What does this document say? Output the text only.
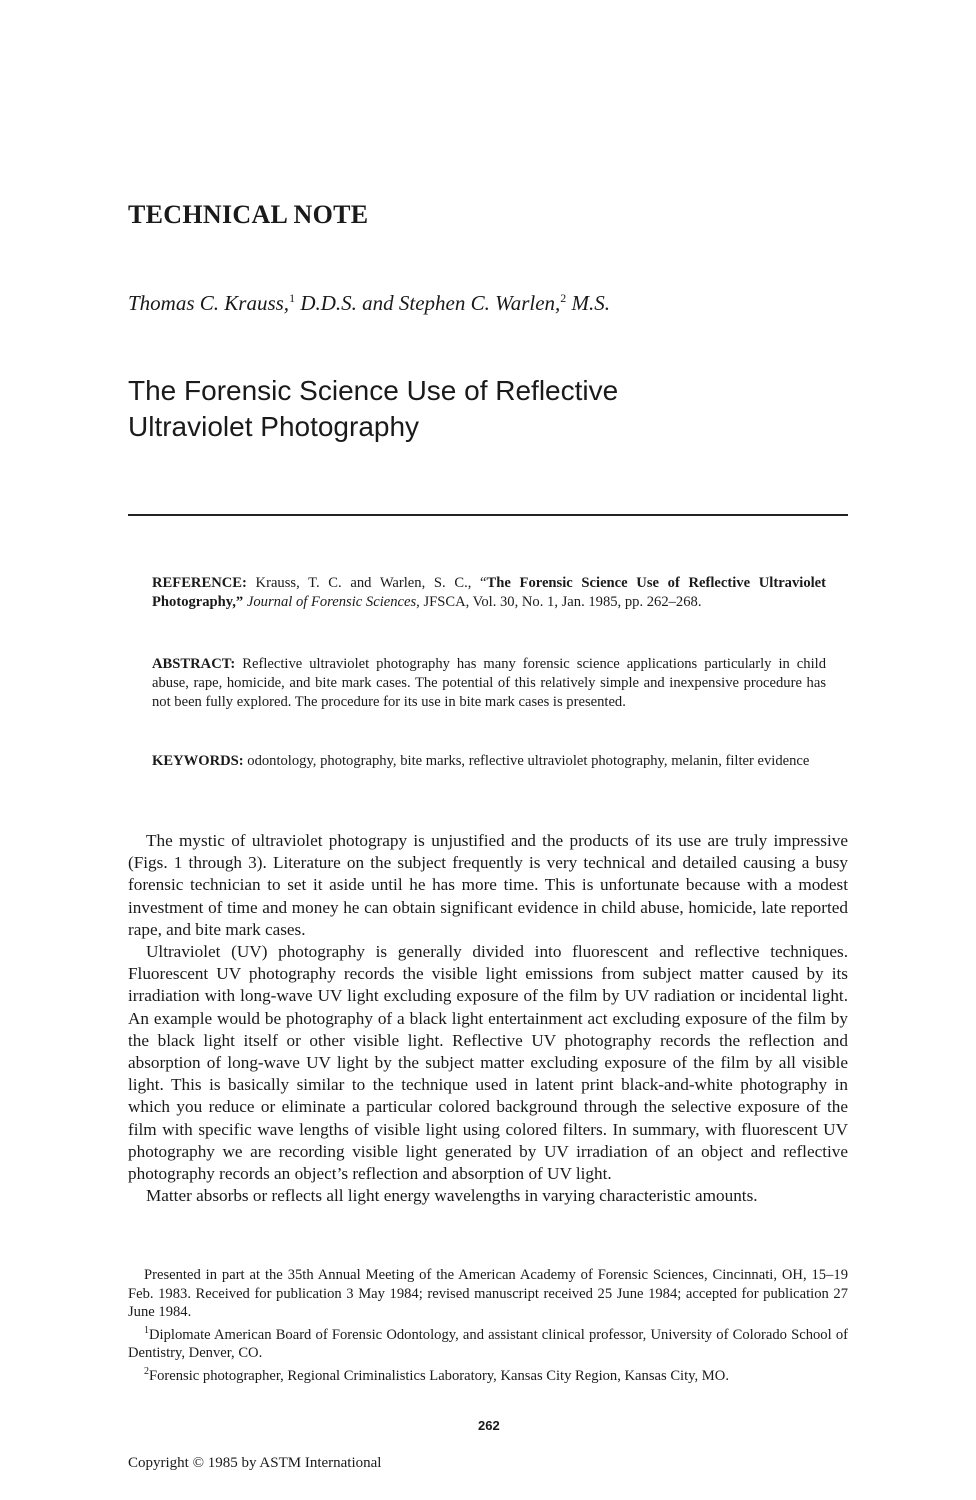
TECHNICAL NOTE
Thomas C. Krauss,$^1$ D.D.S. and Stephen C. Warlen,$^2$ M.S.
The Forensic Science Use of Reflective
Ultraviolet Photography
REFERENCE: Krauss, T. C. and Warlen, S. C., “The Forensic Science Use of Reflective Ultraviolet Photography,” Journal of Forensic Sciences, JFSCA, Vol. 30, No. 1, Jan. 1985, pp. 262–268.
ABSTRACT: Reflective ultraviolet photography has many forensic science applications particularly in child abuse, rape, homicide, and bite mark cases. The potential of this relatively simple and inexpensive procedure has not been fully explored. The procedure for its use in bite mark cases is presented.
KEYWORDS: odontology, photography, bite marks, reflective ultraviolet photography, melanin, filter evidence

The mystic of ultraviolet photograpy is unjustified and the products of its use are truly impressive (Figs. 1 through 3). Literature on the subject frequently is very technical and detailed causing a busy forensic technician to set it aside until he has more time. This is unfortunate because with a modest investment of time and money he can obtain significant evidence in child abuse, homicide, late reported rape, and bite mark cases.

Ultraviolet (UV) photography is generally divided into fluorescent and reflective techniques. Fluorescent UV photography records the visible light emissions from subject matter caused by its irradiation with long-wave UV light excluding exposure of the film by UV radiation or incidental light. An example would be photography of a black light entertainment act excluding exposure of the film by the black light itself or other visible light. Reflective UV photography records the reflection and absorption of long-wave UV light by the subject matter excluding exposure of the film by all visible light. This is basically similar to the technique used in latent print black-and-white photography in which you reduce or eliminate a particular colored background through the selective exposure of the film with specific wave lengths of visible light using colored filters. In summary, with fluorescent UV photography we are recording visible light generated by UV irradiation of an object and reflective photography records an object’s reflection and absorption of UV light.

Matter absorbs or reflects all light energy wavelengths in varying characteristic amounts.

Presented in part at the 35th Annual Meeting of the American Academy of Forensic Sciences, Cincinnati, OH, 15–19 Feb. 1983. Received for publication 3 May 1984; revised manuscript received 25 June 1984; accepted for publication 27 June 1984.

$^1$Diplomate American Board of Forensic Odontology, and assistant clinical professor, University of Colorado School of Dentistry, Denver, CO.

$^2$Forensic photographer, Regional Criminalistics Laboratory, Kansas City Region, Kansas City, MO.

262
Copyright © 1985 by ASTM International
